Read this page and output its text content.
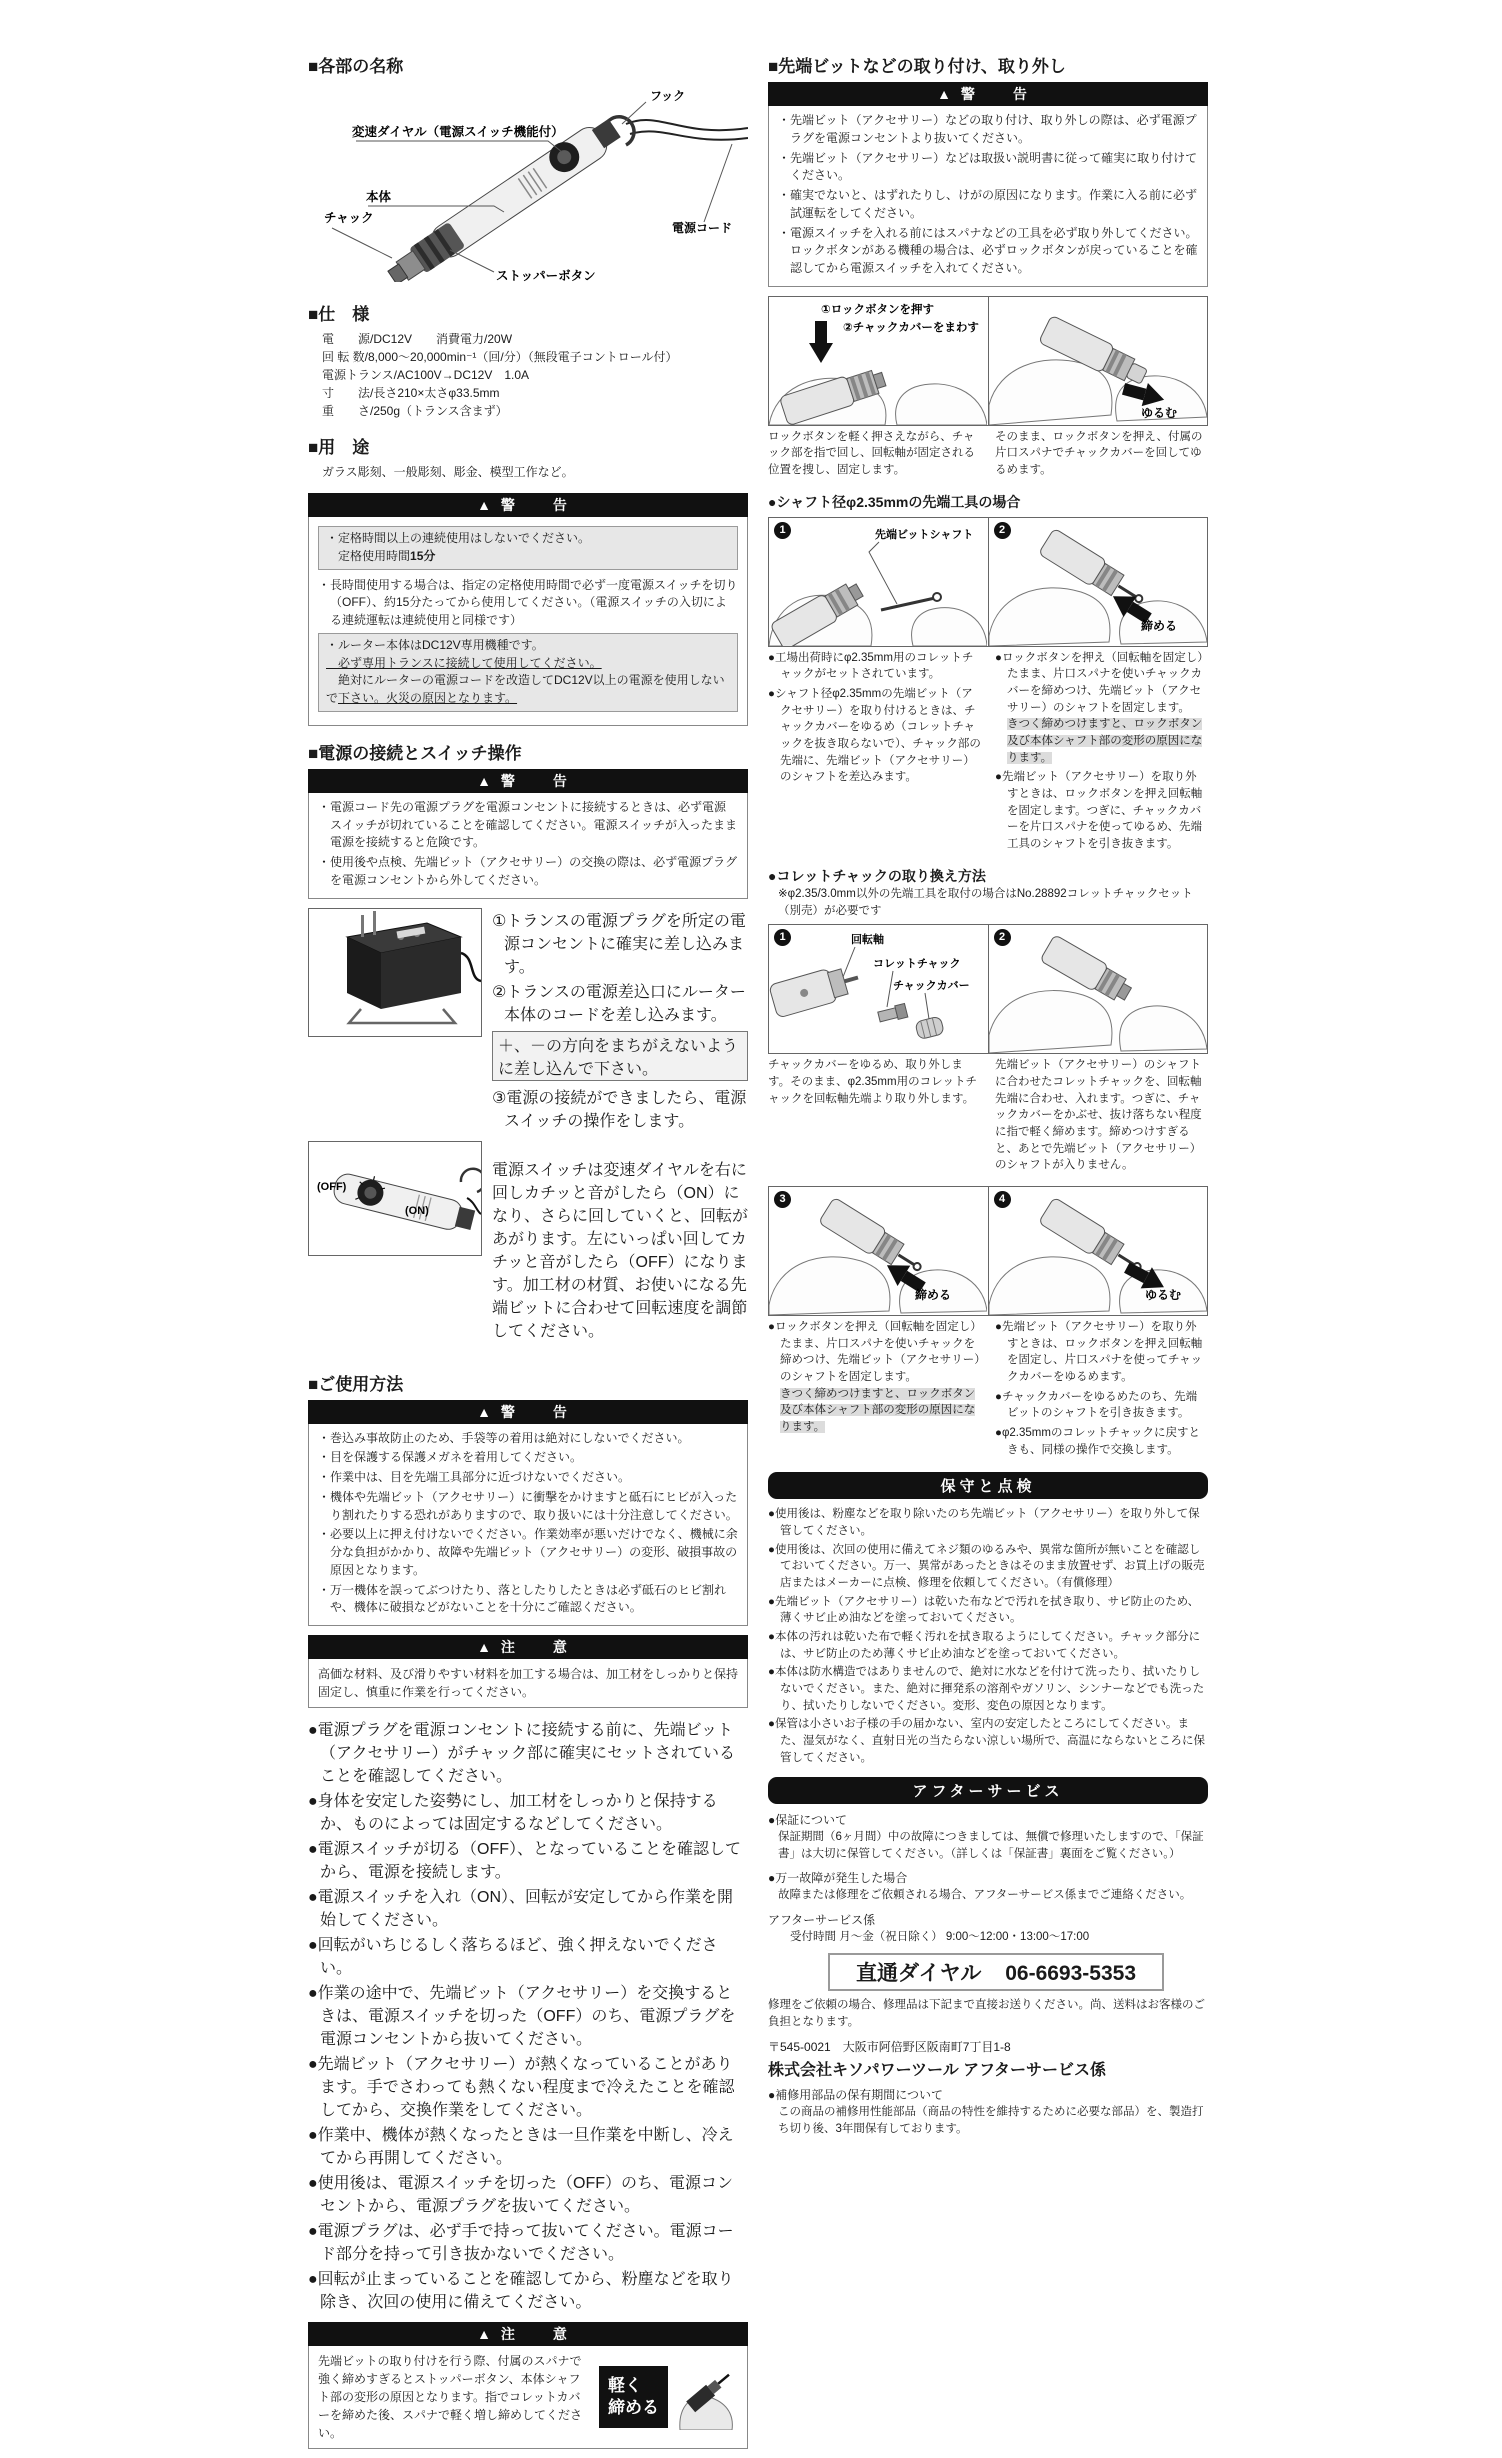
■各部の名称
フック
変速ダイヤル（電源スイッチ機能付）
本体
電源コード
チャック
ストッパーボタン
■仕　様

電　　源/DC12V　　消費電力/20W

回 転 数/8,000～20,000min⁻¹（回/分）（無段電子コントロール付）

電源トランス/AC100V→DC12V　1.0A

寸　　法/長さ210×太さφ33.5mm

重　　さ/250g（トランス含まず）

■用　途

ガラス彫刻、一般彫刻、彫金、模型工作など。

▲ 警　告

・定格時間以上の連続使用はしないでください。

　定格使用時間15分

・長時間使用する場合は、指定の定格使用時間で必ず一度電源スイッチを切り（OFF）、約15分たってから使用してください。（電源スイッチの入切による連続運転は連続使用と同様です）

・ルーター本体はDC12V専用機種です。

　必ず専用トランスに接続して使用してください。

　絶対にルーターの電源コードを改造してDC12V以上の電源を使用しないで下さい。火災の原因となります。

■電源の接続とスイッチ操作
▲ 警　告

・電源コード先の電源プラグを電源コンセントに接続するときは、必ず電源スイッチが切れていることを確認してください。電源スイッチが入ったまま電源を接続すると危険です。

・使用後や点検、先端ビット（アクセサリー）の交換の際は、必ず電源プラグを電源コンセントから外してください。

①トランスの電源プラグを所定の電源コンセントに確実に差し込みます。

②トランスの電源差込口にルーター本体のコードを差し込みます。

＋、－の方向をまちがえないように差し込んで下さい。

③電源の接続ができましたら、電源スイッチの操作をします。

(OFF)
(ON)

電源スイッチは変速ダイヤルを右に回しカチッと音がしたら（ON）になり、さらに回していくと、回転があがります。左にいっぱい回してカチッと音がしたら（OFF）になります。加工材の材質、お使いになる先端ビットに合わせて回転速度を調節してください。

■ご使用方法
▲ 警　告

・巻込み事故防止のため、手袋等の着用は絶対にしないでください。

・目を保護する保護メガネを着用してください。

・作業中は、目を先端工具部分に近づけないでください。

・機体や先端ビット（アクセサリー）に衝撃をかけますと砥石にヒビが入ったり割れたりする恐れがありますので、取り扱いには十分注意してください。

・必要以上に押え付けないでください。作業効率が悪いだけでなく、機械に余分な負担がかかり、故障や先端ビット（アクセサリー）の変形、破損事故の原因となります。

・万一機体を誤ってぶつけたり、落としたりしたときは必ず砥石のヒビ割れや、機体に破損などがないことを十分にご確認ください。

▲ 注　意

高価な材料、及び滑りやすい材料を加工する場合は、加工材をしっかりと保持固定し、慎重に作業を行ってください。

●電源プラグを電源コンセントに接続する前に、先端ビット（アクセサリー）がチャック部に確実にセットされていることを確認してください。

●身体を安定した姿勢にし、加工材をしっかりと保持するか、ものによっては固定するなどしてください。

●電源スイッチが切る（OFF）、となっていることを確認してから、電源を接続します。

●電源スイッチを入れ（ON）、回転が安定してから作業を開始してください。

●回転がいちじるしく落ちるほど、強く押えないでください。

●作業の途中で、先端ビット（アクセサリー）を交換するときは、電源スイッチを切った（OFF）のち、電源プラグを電源コンセントから抜いてください。

●先端ビット（アクセサリー）が熱くなっていることがあります。手でさわっても熱くない程度まで冷えたことを確認してから、交換作業をしてください。

●作業中、機体が熱くなったときは一旦作業を中断し、冷えてから再開してください。

●使用後は、電源スイッチを切った（OFF）のち、電源コンセントから、電源プラグを抜いてください。

●電源プラグは、必ず手で持って抜いてください。電源コード部分を持って引き抜かないでください。

●回転が止まっていることを確認してから、粉塵などを取り除き、次回の使用に備えてください。

▲ 注　意

先端ビットの取り付けを行う際、付属のスパナで強く締めすぎるとストッパーボタン、本体シャフト部の変形の原因となります。指でコレットカバーを締めた後、スパナで軽く増し締めしてください。

軽く
締める
■先端ビットなどの取り付け、取り外し
▲ 警　告

・先端ビット（アクセサリー）などの取り付け、取り外しの際は、必ず電源プラグを電源コンセントより抜いてください。

・先端ビット（アクセサリー）などは取扱い説明書に従って確実に取り付けてください。

・確実でないと、はずれたりし、けがの原因になります。作業に入る前に必ず試運転をしてください。

・電源スイッチを入れる前にはスパナなどの工具を必ず取り外してください。ロックボタンがある機種の場合は、必ずロックボタンが戻っていることを確認してから電源スイッチを入れてください。

①ロックボタンを押す
②チャックカバーをまわす
ゆるむ

ロックボタンを軽く押さえながら、チャック部を指で回し、回転軸が固定される位置を捜し、固定します。

そのまま、ロックボタンを押え、付属の片口スパナでチャックカバーを回してゆるめます。

●シャフト径φ2.35mmの先端工具の場合
1	先端ビットシャフト	2
締める

●工場出荷時にφ2.35mm用のコレットチャックがセットされています。

●シャフト径φ2.35mmの先端ビット（アクセサリー）を取り付けるときは、チャックカバーをゆるめ（コレットチャックを抜き取らないで）、チャック部の先端に、先端ビット（アクセサリー）のシャフトを差込みます。

●ロックボタンを押え（回転軸を固定し）たまま、片口スパナを使いチャックカバーを締めつけ、先端ビット（アクセサリー）のシャフトを固定します。
きつく締めつけますと、ロックボタン及び本体シャフト部の変形の原因になります。

●先端ビット（アクセサリー）を取り外すときは、ロックボタンを押え回転軸を固定します。つぎに、チャックカバーを片口スパナを使ってゆるめ、先端工具のシャフトを引き抜きます。

●コレットチャックの取り換え方法

※φ2.35/3.0mm以外の先端工具を取付の場合はNo.28892コレットチャックセット（別売）が必要です

1	回転軸
コレットチャック
チャックカバー
2

チャックカバーをゆるめ、取り外します。そのまま、φ2.35mm用のコレットチャックを回転軸先端より取り外します。

先端ビット（アクセサリー）のシャフトに合わせたコレットチャックを、回転軸先端に合わせ、入れます。つぎに、チャックカバーをかぶせ、抜け落ちない程度に指で軽く締めます。締めつけすぎると、あとで先端ビット（アクセサリー）のシャフトが入りません。

3
締める
4
ゆるむ

●ロックボタンを押え（回転軸を固定し）たまま、片口スパナを使いチャックを締めつけ、先端ビット（アクセサリー）のシャフトを固定します。
きつく締めつけますと、ロックボタン及び本体シャフト部の変形の原因になります。

●先端ビット（アクセサリー）を取り外すときは、ロックボタンを押え回転軸を固定し、片口スパナを使ってチャックカバーをゆるめます。

●チャックカバーをゆるめたのち、先端ビットのシャフトを引き抜きます。

●φ2.35mmのコレットチャックに戻すときも、同様の操作で交換します。

保守と点検

●使用後は、粉塵などを取り除いたのち先端ビット（アクセサリー）を取り外して保管してください。

●使用後は、次回の使用に備えてネジ類のゆるみや、異常な箇所が無いことを確認しておいてください。万一、異常があったときはそのまま放置せず、お買上げの販売店またはメーカーに点検、修理を依頼してください。（有償修理）

●先端ビット（アクセサリー）は乾いた布などで汚れを拭き取り、サビ防止のため、薄くサビ止め油などを塗っておいてください。

●本体の汚れは乾いた布で軽く汚れを拭き取るようにしてください。チャック部分には、サビ防止のため薄くサビ止め油などを塗っておいてください。

●本体は防水構造ではありませんので、絶対に水などを付けて洗ったり、拭いたりしないでください。また、絶対に揮発系の溶剤やガソリン、シンナーなどでも洗ったり、拭いたりしないでください。変形、変色の原因となります。

●保管は小さいお子様の手の届かない、室内の安定したところにしてください。また、湿気がなく、直射日光の当たらない涼しい場所で、高温にならないところに保管してください。

アフターサービス

●保証について

保証期間（6ヶ月間）中の故障につきましては、無償で修理いたしますので、「保証書」は大切に保管してください。（詳しくは「保証書」裏面をご覧ください。）

●万一故障が発生した場合

故障または修理をご依頼される場合、アフターサービス係までご連絡ください。

アフターサービス係

受付時間 月～金（祝日除く） 9:00～12:00・13:00～17:00

直通ダイヤル 06-6693-5353

修理をご依頼の場合、修理品は下記まで直接お送りください。尚、送料はお客様のご負担となります。

〒545-0021　大阪市阿倍野区阪南町7丁目1-8

株式会社キソパワーツール アフターサービス係

●補修用部品の保有期間について

この商品の補修用性能部品（商品の特性を維持するために必要な部品）を、製造打ち切り後、3年間保有しております。
